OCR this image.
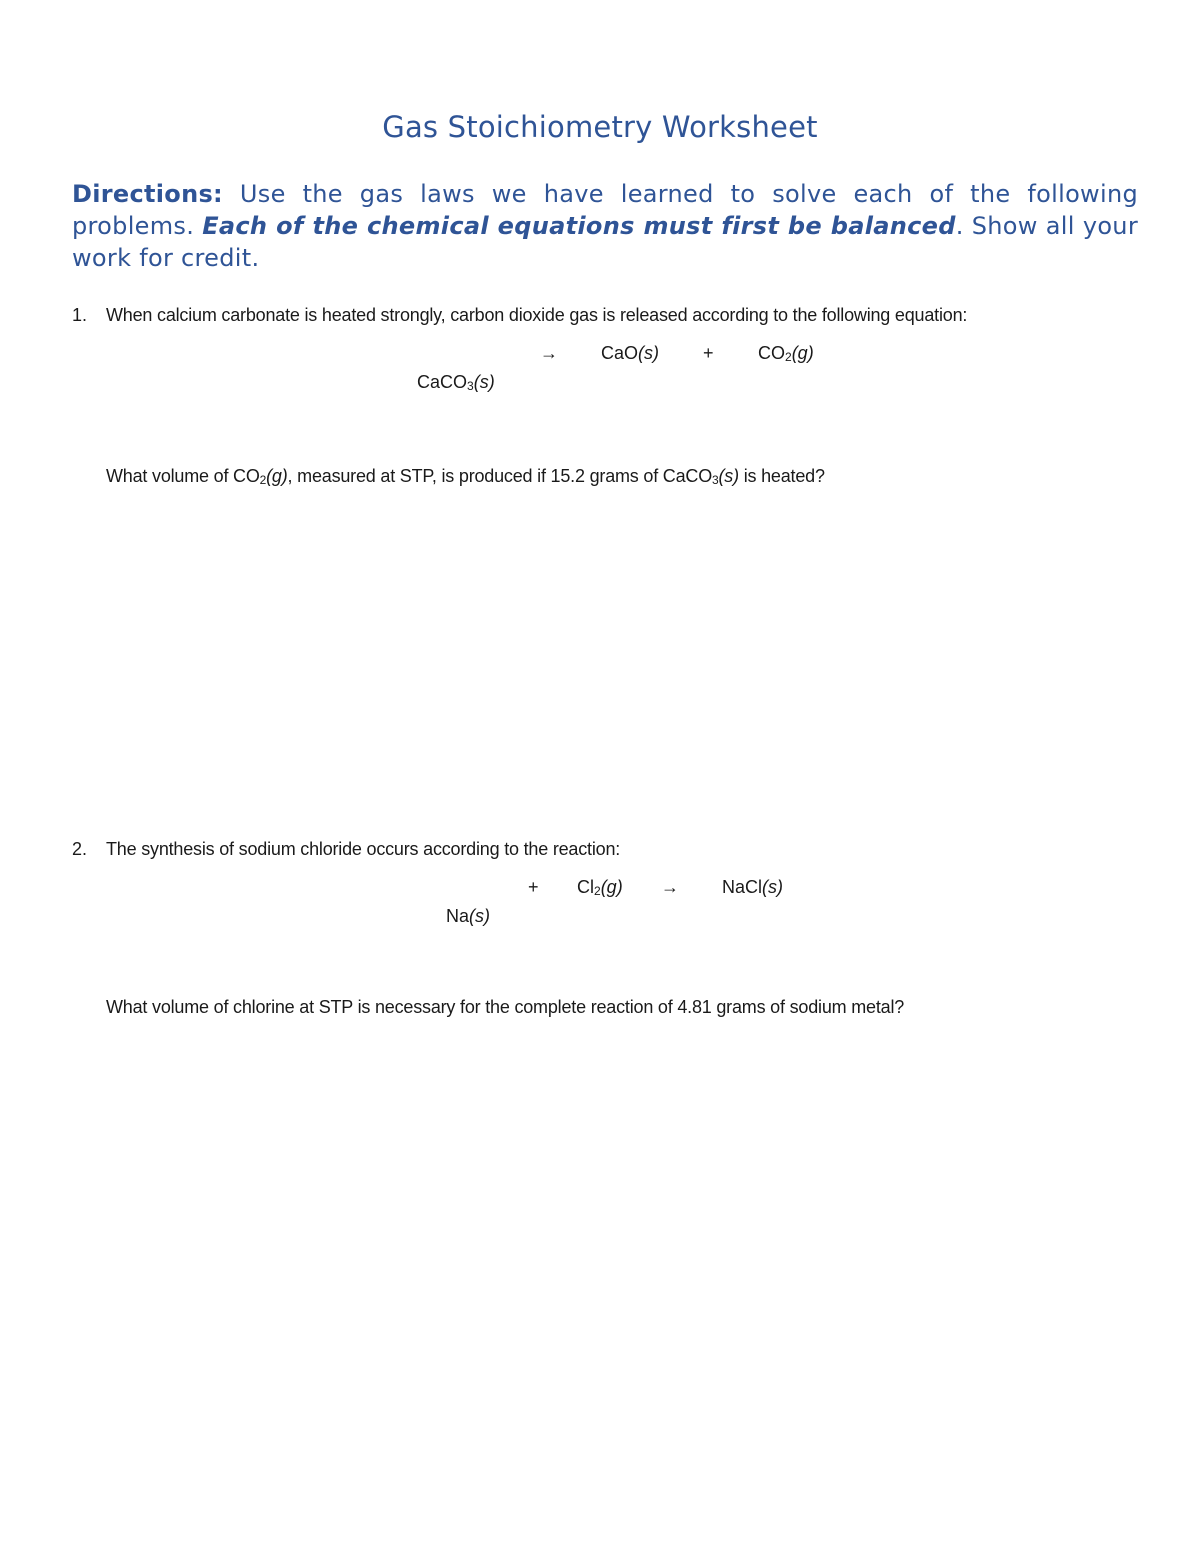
Gas Stoichiometry Worksheet
Directions: Use the gas laws we have learned to solve each of the following problems. Each of the chemical equations must first be balanced. Show all your work for credit.
1. When calcium carbonate is heated strongly, carbon dioxide gas is released according to the following equation:
→ $CaO(s) + CO_2(g)$
CaCO$_3$(s)
What volume of $CO_2(g)$, measured at STP, is produced if 15.2 grams of CaCO$_3$(s) is heated?
2. The synthesis of sodium chloride occurs according to the reaction:
+ $Cl_2(g)$ → NaCl(s)
Na(s)
What volume of chlorine at STP is necessary for the complete reaction of 4.81 grams of sodium metal?
